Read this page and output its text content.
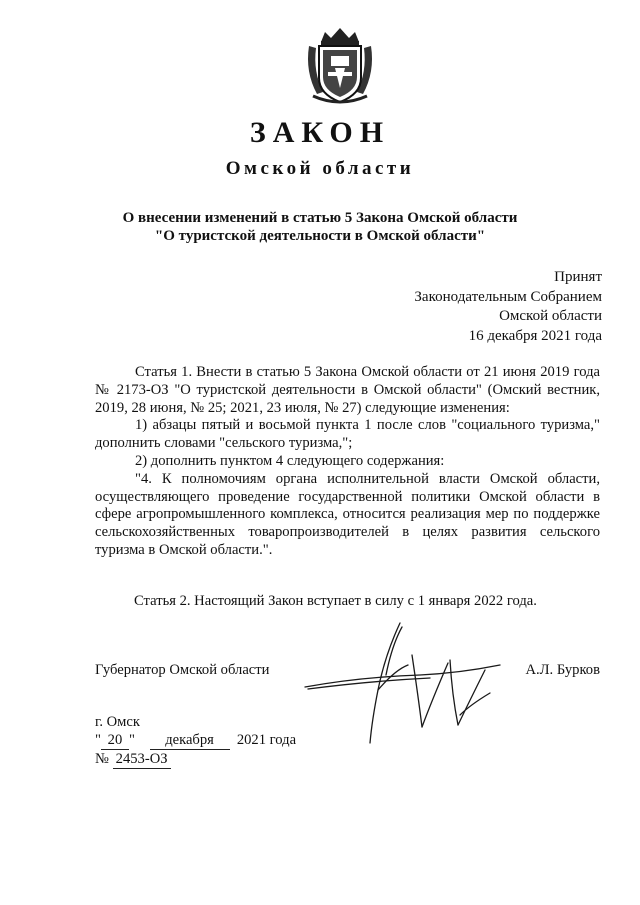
ЗАКОН
Омской области
О внесении изменений в статью 5 Закона Омской области
"О туристской деятельности в Омской области"
Принят
Законодательным Собранием
Омской области
16 декабря 2021 года

Статья 1. Внести в статью 5 Закона Омской области от 21 июня 2019 года № 2173-ОЗ "О туристской деятельности в Омской области" (Омский вестник, 2019, 28 июня, № 25; 2021, 23 июля, № 27) следующие изменения:

1) абзацы пятый и восьмой пункта 1 после слов "социального туризма," дополнить словами "сельского туризма,";

2) дополнить пунктом 4 следующего содержания:

"4. К полномочиям органа исполнительной власти Омской области, осуществляющего проведение государственной политики Омской области в сфере агропромышленного комплекса, относится реализация мер по поддержке сельскохозяйственных товаропроизводителей в целях развития сельского туризма в Омской области.".

Статья 2. Настоящий Закон вступает в силу с 1 января 2022 года.
Губернатор Омской области	А.Л. Бурков
г. Омск
" 20 "    декабря 2021 года
№ 2453-ОЗ
